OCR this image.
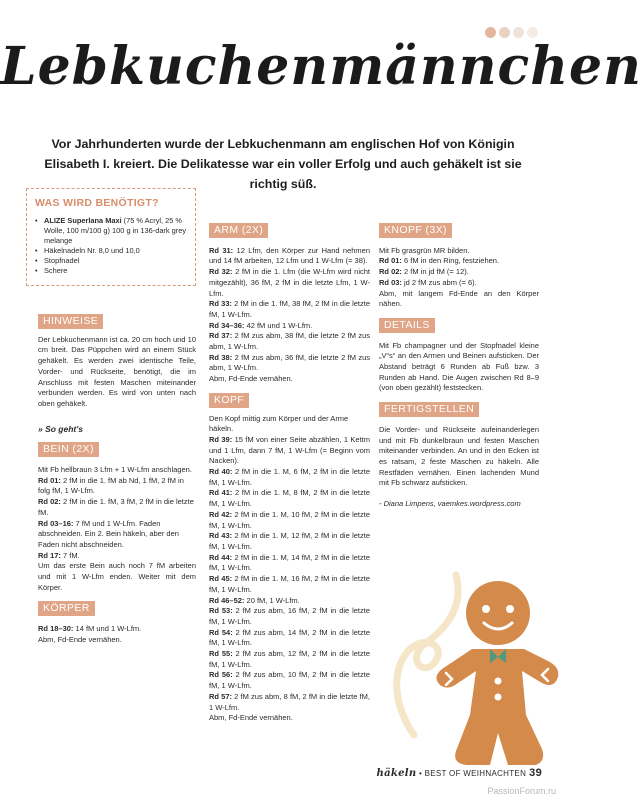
Lebkuchenmännchen

Vor Jahrhunderten wurde der Lebkuchenmann am englischen Hof von Königin Elisabeth I. kreiert. Die Delikatesse war ein voller Erfolg und auch gehäkelt ist sie richtig süß.

WAS WIRD BENÖTIGT?

• ALIZE Superlana Maxi (75 % Acryl, 25 % Wolle, 100 m/100 g) 100 g in 136-dark grey melange
• Häkelnadeln Nr. 8,0 und 10,0
• Stopfnadel
• Schere
HINWEISE

Der Lebkuchenmann ist ca. 20 cm hoch und 10 cm breit. Das Püppchen wird an einem Stück gehäkelt. Es werden zwei identische Teile, Vorder- und Rückseite, benötigt, die im Anschluss mit festen Maschen miteinander verbunden werden. Es wird von unten nach oben gehäkelt.

» So geht's

BEIN (2X)

Mit Fb hellbraun 3 Lfm + 1 W-Lfm anschlagen.

Rd 01: 2 fM in die 1. fM ab Nd, 1 fM, 2 fM in folg fM, 1 W-Lfm.

Rd 02: 2 fM in die 1. fM, 3 fM, 2 fM in die letzte fM.

Rd 03–16: 7 fM und 1 W-Lfm. Faden abschneiden. Ein 2. Bein häkeln, aber den Faden nicht abschneiden.

Rd 17: 7 fM.

Um das erste Bein auch noch 7 fM arbeiten und mit 1 W-Lfm enden. Weiter mit dem Körper.

KÖRPER

Rd 18–30: 14 fM und 1 W-Lfm.

Abm, Fd-Ende vernähen.

ARM (2X)

Rd 31: 12 Lfm, den Körper zur Hand nehmen und 14 fM arbeiten, 12 Lfm und 1 W-Lfm (= 38).

Rd 32: 2 fM in die 1. Lfm (die W-Lfm wird nicht mitgezählt), 36 fM, 2 fM in die letzte Lfm, 1 W-Lfm.

Rd 33: 2 fM in die 1. fM, 38 fM, 2 fM in die letzte fM, 1 W-Lfm.

Rd 34–36: 42 fM und 1 W-Lfm.

Rd 37: 2 fM zus abm, 38 fM, die letzte 2 fM zus abm, 1 W-Lfm.

Rd 38: 2 fM zus abm, 36 fM, die letzte 2 fM zus abm, 1 W-Lfm.

Abm, Fd-Ende vernähen.

KOPF

Den Kopf mittig zum Körper und der Arme häkeln.

Rd 39: 15 fM von einer Seite abzählen, 1 Kettm und 1 Lfm, dann 7 fM, 1 W-Lfm (= Beginn vom Nacken).

Rd 40: 2 fM in die 1. M, 6 fM, 2 fM in die letzte fM, 1 W-Lfm.

Rd 41: 2 fM in die 1. M, 8 fM, 2 fM in die letzte fM, 1 W-Lfm.

Rd 42: 2 fM in die 1. M, 10 fM, 2 fM in die letzte fM, 1 W-Lfm.

Rd 43: 2 fM in die 1. M, 12 fM, 2 fM in die letzte fM, 1 W-Lfm.

Rd 44: 2 fM in die 1. M, 14 fM, 2 fM in die letzte fM, 1 W-Lfm.

Rd 45: 2 fM in die 1. M, 16 fM, 2 fM in die letzte fM, 1 W-Lfm.

Rd 46–52: 20 fM, 1 W-Lfm.

Rd 53: 2 fM zus abm, 16 fM, 2 fM in die letzte fM, 1 W-Lfm.

Rd 54: 2 fM zus abm, 14 fM, 2 fM in die letzte fM, 1 W-Lfm.

Rd 55: 2 fM zus abm, 12 fM, 2 fM in die letzte fM, 1 W-Lfm.

Rd 56: 2 fM zus abm, 10 fM, 2 fM in die letzte fM, 1 W-Lfm.

Rd 57: 2 fM zus abm, 8 fM, 2 fM in die letzte fM, 1 W-Lfm.

Abm, Fd-Ende vernähen.

KNOPF (3X)

Mit Fb grasgrün MR bilden.

Rd 01: 6 fM in den Ring, festziehen.

Rd 02: 2 fM in jd fM (= 12).

Rd 03: jd 2 fM zus abm (= 6).

Abm, mit langem Fd-Ende an den Körper nähen.

DETAILS

Mit Fb champagner und der Stopfnadel kleine „V“s“ an den Armen und Beinen aufsticken. Der Abstand beträgt 6 Runden ab Fuß bzw. 3 Runden ab Hand. Die Augen zwischen Rd 8–9 (von oben gezählt) feststecken.

FERTIGSTELLEN

Die Vorder- und Rückseite aufeinanderlegen und mit Fb dunkelbraun und festen Maschen miteinander verbinden. An und in den Ecken ist es ratsam, 2 feste Maschen zu häkeln. Alle Restfäden vernähen. Einen lachenden Mund mit Fb schwarz aufsticken.

- Diana Limpens, vaemkes.wordpress.com

häkeln • BEST OF WEIHNACHTEN 39
PassionForum.ru
